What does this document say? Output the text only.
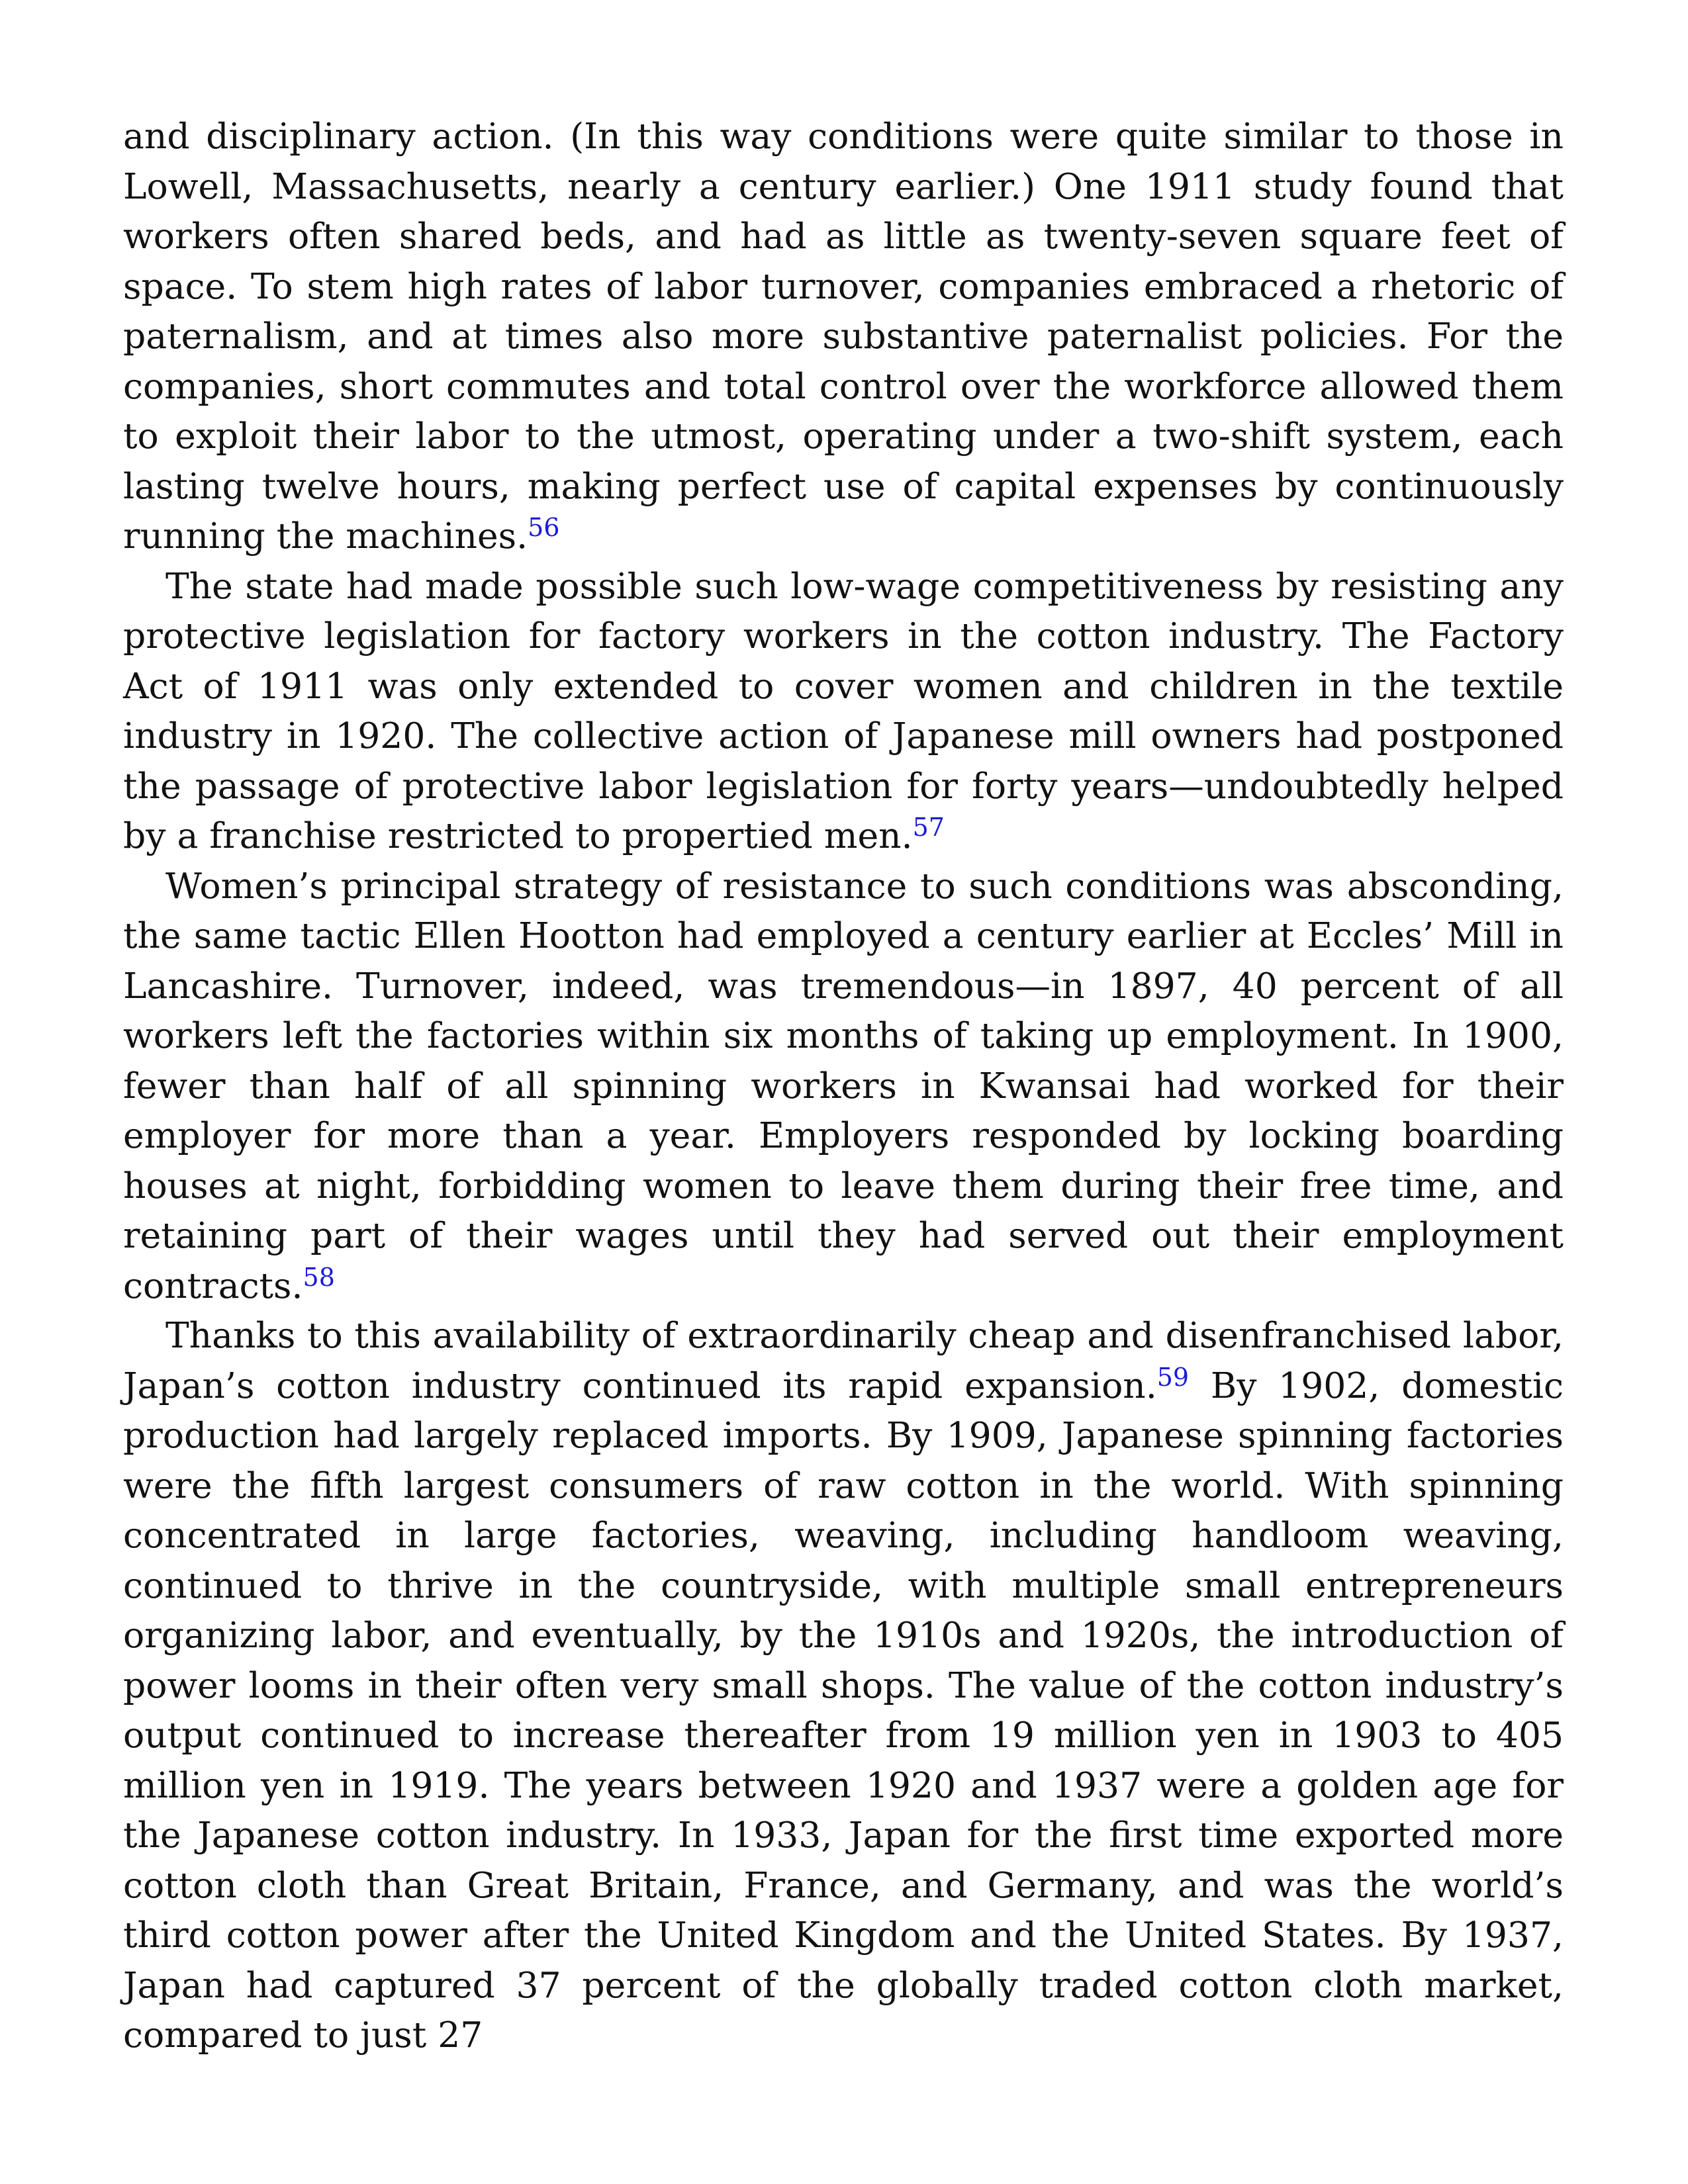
and disciplinary action. (In this way conditions were quite similar to those in Lowell, Massachusetts, nearly a century earlier.) One 1911 study found that workers often shared beds, and had as little as twenty-seven square feet of space. To stem high rates of labor turnover, companies embraced a rhetoric of paternalism, and at times also more substantive paternalist policies. For the companies, short commutes and total control over the workforce allowed them to exploit their labor to the utmost, operating under a two-shift system, each lasting twelve hours, making perfect use of capital expenses by continuously running the machines.$^{56}$

The state had made possible such low-wage competitiveness by resisting any protective legislation for factory workers in the cotton industry. The Factory Act of 1911 was only extended to cover women and children in the textile industry in 1920. The collective action of Japanese mill owners had postponed the passage of protective labor legislation for forty years—undoubtedly helped by a franchise restricted to propertied men.$^{57}$

Women’s principal strategy of resistance to such conditions was absconding, the same tactic Ellen Hootton had employed a century earlier at Eccles’ Mill in Lancashire. Turnover, indeed, was tremendous—in 1897, 40 percent of all workers left the factories within six months of taking up employment. In 1900, fewer than half of all spinning workers in Kwansai had worked for their employer for more than a year. Employers responded by locking boarding houses at night, forbidding women to leave them during their free time, and retaining part of their wages until they had served out their employment contracts.$^{58}$

Thanks to this availability of extraordinarily cheap and disenfranchised labor, Japan’s cotton industry continued its rapid expansion.$^{59}$ By 1902, domestic production had largely replaced imports. By 1909, Japanese spinning factories were the fifth largest consumers of raw cotton in the world. With spinning concentrated in large factories, weaving, including handloom weaving, continued to thrive in the countryside, with multiple small entrepreneurs organizing labor, and eventually, by the 1910s and 1920s, the introduction of power looms in their often very small shops. The value of the cotton industry’s output continued to increase thereafter from 19 million yen in 1903 to 405 million yen in 1919. The years between 1920 and 1937 were a golden age for the Japanese cotton industry. In 1933, Japan for the first time exported more cotton cloth than Great Britain, France, and Germany, and was the world’s third cotton power after the United Kingdom and the United States. By 1937, Japan had captured 37 percent of the globally traded cotton cloth market, compared to just 27
